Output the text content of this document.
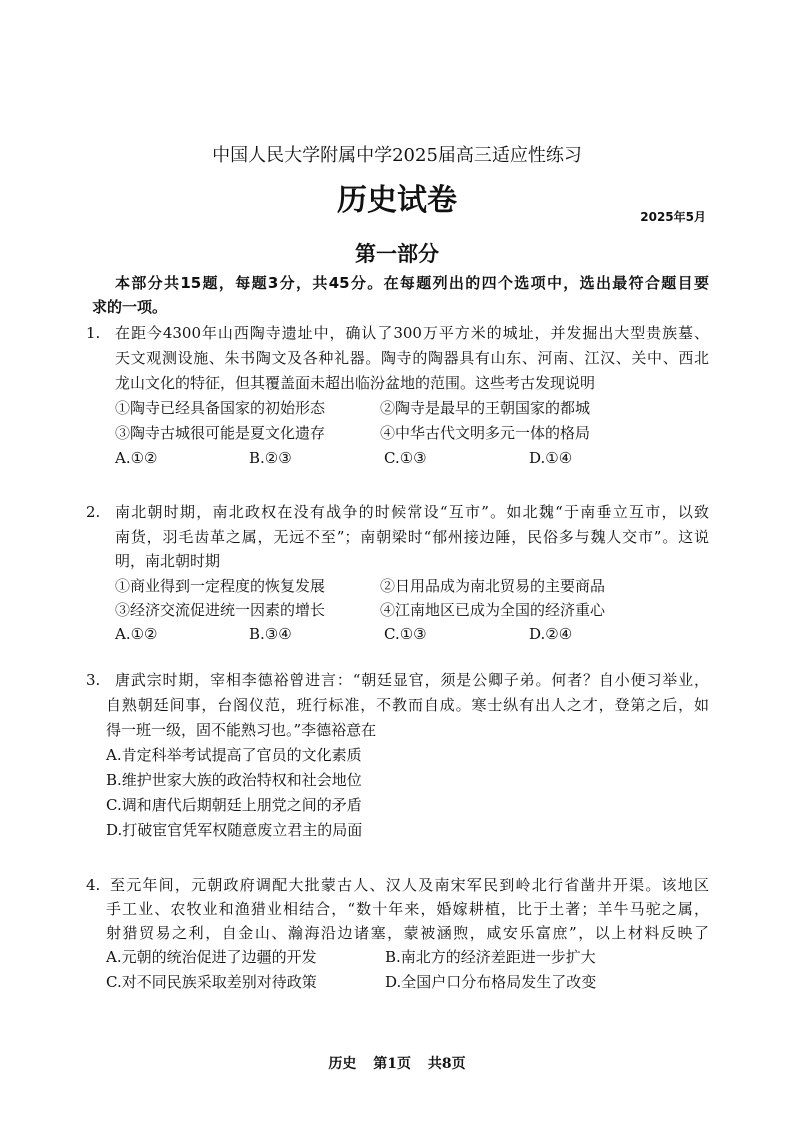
中国人民大学附属中学2025届高三适应性练习
历史试卷	2025年5月
第一部分
本部分共15题，每题3分，共45分。在每题列出的四个选项中，选出最符合题目要
求的一项。
1. 在距今4300年山西陶寺遗址中，确认了300万平方米的城址，并发掘出大型贵族墓、
天文观测设施、朱书陶文及各种礼器。陶寺的陶器具有山东、河南、江汉、关中、西北
龙山文化的特征，但其覆盖面未超出临汾盆地的范围。这些考古发现说明
①陶寺已经具备国家的初始形态	②陶寺是最早的王朝国家的都城
③陶寺古城很可能是夏文化遗存	④中华古代文明多元一体的格局
A.①②	B.②③	C.①③	D.①④
2. 南北朝时期，南北政权在没有战争的时候常设“互市”。如北魏“于南垂立互市，以致
南货，羽毛齿革之属，无远不至”；南朝梁时“郁州接边陲，民俗多与魏人交市”。这说
明，南北朝时期
①商业得到一定程度的恢复发展	②日用品成为南北贸易的主要商品
③经济交流促进统一因素的增长	④江南地区已成为全国的经济重心
A.①②	B.③④	C.①③	D.②④
3. 唐武宗时期，宰相李德裕曾进言：“朝廷显官，须是公卿子弟。何者？自小便习举业，
自熟朝廷间事，台阁仪范，班行标准，不教而自成。寒士纵有出人之才，登第之后，如
得一班一级，固不能熟习也。”李德裕意在
A.肯定科举考试提高了官员的文化素质
B.维护世家大族的政治特权和社会地位
C.调和唐代后期朝廷上朋党之间的矛盾
D.打破宦官凭军权随意废立君主的局面
4. 至元年间，元朝政府调配大批蒙古人、汉人及南宋军民到岭北行省凿井开渠。该地区
手工业、农牧业和渔猎业相结合，“数十年来，婚嫁耕植，比于土著；羊牛马驼之属，
射猎贸易之利，自金山、瀚海沿边诸塞，蒙被涵煦，咸安乐富庶”，以上材料反映了
A.元朝的统治促进了边疆的开发	B.南北方的经济差距进一步扩大
C.对不同民族采取差别对待政策	D.全国户口分布格局发生了改变
历史 第1页 共8页
